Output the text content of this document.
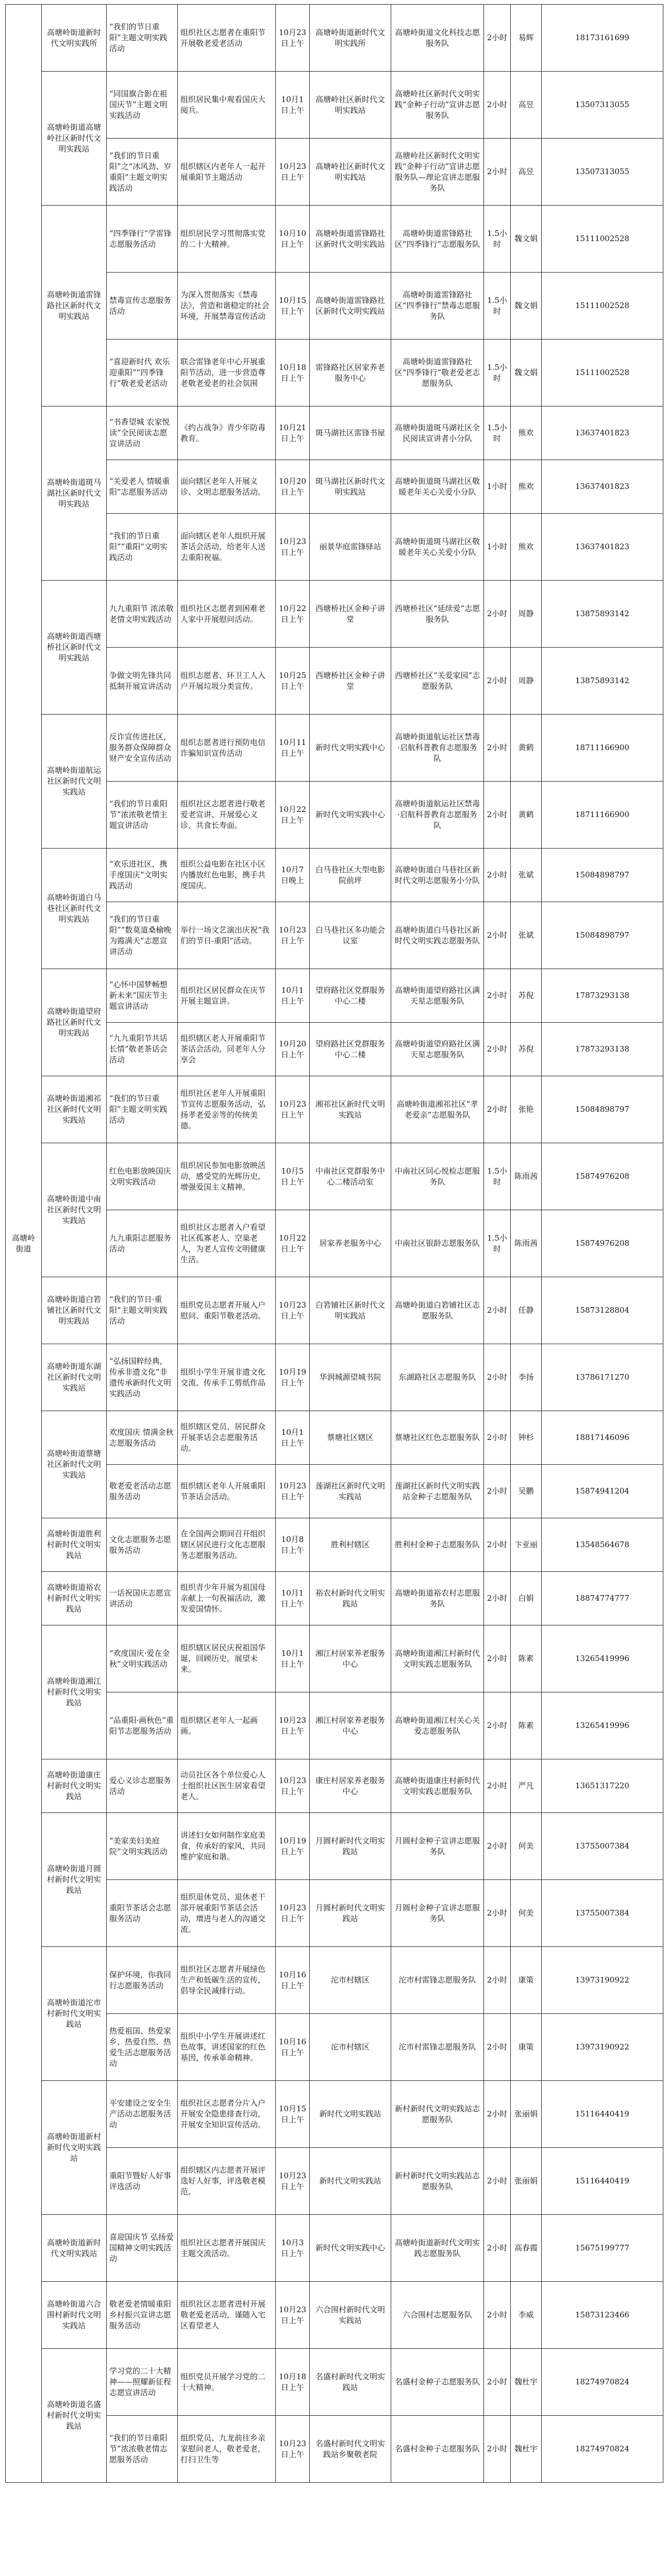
高塘岭街道	高塘岭街道新时代文明实践所	“我们的节日重阳”主题文明实践活动	组织社区志愿者在重阳节开展敬老爱老活动	10月23日上午	高塘岭街道新时代文明实践所	高塘岭街道文化科技志愿服务队	2小时	易辉	18173161699
	高塘岭街道高塘岭社区新时代文明实践站	“同国旗合影在祖国庆节”主题文明实践活动	组织居民集中观看国庆大阅兵。	10月1日上午	高塘岭社区新时代文明实践站	高塘岭社区新时代文明实践“金种子行动”宣讲志愿服务队	2小时	高昱	13507313055
		“我们的节日重阳”之“冰风劲、岁重阳”主题文明实践活动	组织辖区内老年人一起开展重阳节主题活动	10月23日上午	高塘岭社区新时代文明实践站	高塘岭社区新时代文明实践“金种子行动”宣讲志愿服务队—理论宣讲志愿服务队	2小时	高昱	13507313055
	高塘岭街道雷锋路社区新时代文明实践站	“四季锋行”学雷锋志愿服务活动	组织居民学习贯彻落实党的二十大精神。	10月10日上午	高塘岭街道雷锋路社区新时代文明实践站	高塘岭街道雷锋路社区“四季锋行”志愿服务队	1.5小时	魏文娟	15111002528
		禁毒宣传志愿服务活动	为深入贯彻落实《禁毒法》，营造和谐稳定的社会环境，开展禁毒宣传活动	10月15日上午	高塘岭街道雷锋路社区新时代文明实践站	高塘岭街道雷锋路社区“四季锋行”禁毒志愿服务队	1.5小时	魏文娟	15111002528
		“喜迎新时代 欢乐迎重阳”“四季锋行”敬老爱老活动	联合雷锋老年中心开展重阳节活动，进一步营造尊老敬老爱老的社会氛围	10月18日上午	雷锋路社区居家养老服务中心	高塘岭街道雷锋路社区“四季锋行”敬老爱老志愿服务队	1.5小时	魏文娟	15111002528
	高塘岭街道斑马湖社区新时代文明实践站	“书香望城 农家悦读”全民阅读志愿宣讲活动	《约占战争》青少年防毒教育。	10月21日上午	斑马湖社区雷锋书屋	高塘岭街道斑马湖社区全民阅读宣讲者小分队	1.5小时	熊欢	13637401823
		“关爱老人 情暖重阳”志愿服务活动	面向辖区老年人开展义诊、文明志愿服务活动。	10月20日上午	斑马湖社区新时代文明实践站	高塘岭街道斑马湖社区敬暖老年关心关爱小分队	1小时	熊欢	13637401823
		“我们的节日重阳”“重阳”文明实践活动	面向辖区老年人组织开展茶话会活动，给老年人送去重阳祝福。	10月23日上午	丽景华庭雷锋驿站	高塘岭街道斑马湖社区敬暖老年关心关爱小分队	1小时	熊欢	13637401823
	高塘岭街道西塘桥社区新时代文明实践站	九九重阳节 浓浓敬老情文明实践活动	组织社区志愿者到困难老人家中开展慰问活动。	10月22日上午	西塘桥社区金种子讲堂	西塘桥社区“延续爱”志愿服务队	2小时	周静	13875893142
		争做文明先锋共同抵制开展宣讲活动	组织志愿者、环卫工人入户开展垃圾分类宣传。	10月25日上午	西塘桥社区金种子讲堂	西塘桥社区“关爱家园”志愿服务队	2小时	周静	13875893142
	高塘岭街道航运社区新时代文明实践站	反诈宣传进社区，服务群众保障群众财产安全宣传活动	组织志愿者进行预防电信诈骗知识宣传活动	10月11日上午	新时代文明实践中心	高塘岭街道航运社区禁毒·启航科普教育志愿服务队	2小时	黄鹤	18711166900
		“我们的节日重阳节”浓浓敬老情主题宣讲活动	组织社区志愿者进行敬老爱老宣讲、开展爱心义诊、共食长寿面。	10月22日上午	新时代文明实践中心	高塘岭街道航运社区禁毒·启航科普教育志愿服务队	2小时	黄鹤	18711166900
	高塘岭街道白马巷社区新时代文明实践站	“欢乐进社区，携手度国庆”文明实践活动	组织公益电影在社区小区内播放红色电影，携手共度国庆。	10月7日晚上	白马巷社区大型电影院前坪	高塘岭街道白马巷社区新时代文明志愿服务小分队	2小时	张斌	15084898797
		“我们的节日重阳”“数莫道桑榆晚为霞满天”志愿宣讲活动	举行一场文艺演出庆祝“我们的节日-重阳”活动。	10月23日上午	白马巷社区多功能会议室	高塘岭街道白马巷社区新时代文明实践志愿服务队	2小时	张斌	15084898797
	高塘岭街道望府路社区新时代文明实践站	“心怀中国梦畅想新未来”国庆节主题宣讲活动	组织社区居民群众在庆节开展主题宣讲。	10月1日上午	望府路社区党群服务中心二楼	高塘岭街道望府路社区满天星志愿服务队	2小时	苏倪	17873293138
		“九九重阳节共话长情”敬老茶话会活动	组织辖区老人开展重阳节茶话会活动，同老年人分享会	10月20日上午	望府路社区党群服务中心二楼	高塘岭街道望府路社区满天星志愿服务队	2小时	苏倪	17873293138
	高塘岭街道湘祁社区新时代文明实践站	“我们的节日重阳”主题文明实践活动	组织社区老年人开展重阳节宣传志愿服务活动，弘扬孝老爱亲等的传统美德。	10月23日上午	湘祁社区新时代文明实践站	高塘岭街道湘祁社区“孝老爱亲”志愿服务队	2小时	张艳	15084898797
	高塘岭街道中南社区新时代文明实践站	红色电影放映国庆文明实践活动	组织居民参加电影放映活动，感受党的光辉历史，增强爱国主义精神。	10月5日上午	中南社区党群服务中心二楼活动室	中南社区同心悦检志愿服务队	1.5小时	陈雨茜	15874976208
		九九重阳志愿服务活动	组织社区志愿者入户看望社区孤寡老人、空巢老人，为老人宣传文明健康生活。	10月22日上午	居家养老服务中心	中南社区银龄志愿服务队	1.5小时	陈雨茜	15874976208
	高塘岭街道白箬铺社区新时代文明实践站	“我们的节日·重阳”主题文明实践活动	组织党员志愿者开展入户慰问、重阳节敬老活动。	10月23日上午	白箬铺社区新时代文明实践站	高塘岭街道白箬铺社区志愿服务队	2小时	任静	15873128804
	高塘岭街道东湖社区新时代文明实践站	“弘扬国粹经典，传承非遗文化”非遗传承新时代文明实践活动	组织小学生开展非遗文化交流、传承手工剪纸作品	10月19日上午	华润城源望城书院	东湖路社区志愿服务队	2小时	李扬	13786171270
	高塘岭街道蔡塘社区新时代文明实践站	欢度国庆 情满金秋志愿服务活动	组织辖区党员、居民群众开展茶话会志愿服务活动。	10月1日上午	蔡塘社区辖区	蔡塘社区红色志愿服务队	2小时	钟杉	18817146096
		敬老爱老活动志愿服务活动	组织辖区老年人开展重阳节茶话会活动。	10月23日上午	莲湖社区新时代文明实践站	莲湖社区新时代文明实践站金种子志愿服务队	2小时	吴鹏	15874941204
	高塘岭街道胜利村新时代文明实践站	文化志愿服务志愿服务活动	在全国两会期间召开组织辖区居民进行文化志愿服务志愿服务活动。	10月8日上午	胜利村辖区	胜利村金种子志愿服务队	2小时	卞亚丽	13548564678
	高塘岭街道裕农村新时代文明实践站	一话祝国庆志愿宣讲活动	组织青少年开展为祖国母亲献上一句祝福活动，激发爱国情怀。	10月1日上午	裕农村新时代文明实践站	高塘岭街道裕农村志愿服务队	2小时	白娟	18874774777
	高塘岭街道湘江村新时代文明实践站	“欢度国庆·爱在金秋”文明实践活动	组织辖区居民庆祝祖国华诞，回顾历史，展望未来。	10月1日上午	湘江村居家养老服务中心	高塘岭街道湘江村新时代文明实践志愿服务队	2小时	陈素	13265419996
		“品重阳·画秋色”重阳节志愿服务活动	组织辖区老年人一起画画。	10月23日上午	湘江村居家养老服务中心	高塘岭街道湘江村关心关爱志愿服务队	2小时	陈素	13265419996
	高塘岭街道康庄村新时代文明实践站	爱心义诊志愿服务活动	动员社区各个单位爱心人士组织社区医生居家看望老人。	10月23日上午	康庄村居家养老服务中心	高塘岭街道康庄村新时代文明实践志愿服务队	2小时	严凡	13651317220
	高塘岭街道月圆村新时代文明实践站	“美家美妇美庭院”文明实践活动	讲述妇女如何制作家庭美食，传承好的家风，共同维护家庭和谐。	10月19日上午	月圆村新时代文明实践站	月圆村金种子宣讲志愿服务队	2小时	何美	13755007384
		重阳节茶话会志愿服务活动	组织退休党员、退休老干部开展重阳节茶话会活动，增进与老人的沟通交流。	10月23日上午	月圆村新时代文明实践站	月圆村金种子宣讲志愿服务队	2小时	何美	13755007384
	高塘岭街道沱市村新时代文明实践站	保护环境，你我同行志愿服务活动	组织社区志愿者开展绿色生产和低碳生活的宣传，倡导全民减排行动。	10月16日上午	沱市村辖区	沱市村雷锋志愿服务队	2小时	康策	13973190922
		热爱祖国、热爱家乡、热爱自然、热爱生活志愿服务活动	组织中小学生开展讲述红色故事，讲述国家的红色基因，传承革命精神。	10月16日上午	沱市村辖区	沱市村雷锋志愿服务队	2小时	康策	13973190922
	高塘岭街道新村新时代文明实践站	平安建设之安全生产活动志愿服务活动	组织社区志愿者分片入户开展安全隐患排查行动，开展安全知识宣传活动。	10月15日上午	新时代文明实践站	新村新时代文明实践站志愿服务队	2小时	张丽娟	15116440419
		重阳节暨好人好事评选活动	组织辖区内志愿者开展评选好人好事，评选敬老模范。	10月23日上午	新时代文明实践站	新村新时代文明实践站志愿服务队	2小时	张丽娟	15116440419
	高塘岭街道新时代文明实践站	喜迎国庆节 弘扬爱国精神文明实践活动	组织社区志愿者开展国庆主题交流活动。	10月3日上午	新时代文明实践中心	高塘岭街道新时代文明实践志愿服务队	2小时	高春霞	15675199777
	高塘岭街道六合围村新时代文明实践站	敬老爱老情暖重阳 乡村振兴宣讲志愿服务活动	组织社区志愿者进村开展敬老爱老活动，谨随入宅区看望老人	10月23日上午	六合围村新时代文明实践站	六合围村志愿服务队	2小时	李威	15873123466
	高塘岭街道名盛村新时代文明实践站	学习党的二十大精神——照耀新征程志愿宣讲活动	组织党员开展学习党的二十大精神。	10月18日上午	名盛村新时代文明实践站	名盛村金种子志愿服务队	2小时	魏杜宇	18274970824
		“我们的节日重阳节”浓浓敬老情志愿服务活动	组织党员、九龙前往乡亲家慰问老人，敬老爱老，打扫卫生等	10月23日上午	名盛村新时代文明实践站乡聚敬老院	名盛村金种子志愿服务队	2小时	魏杜宇	18274970824
